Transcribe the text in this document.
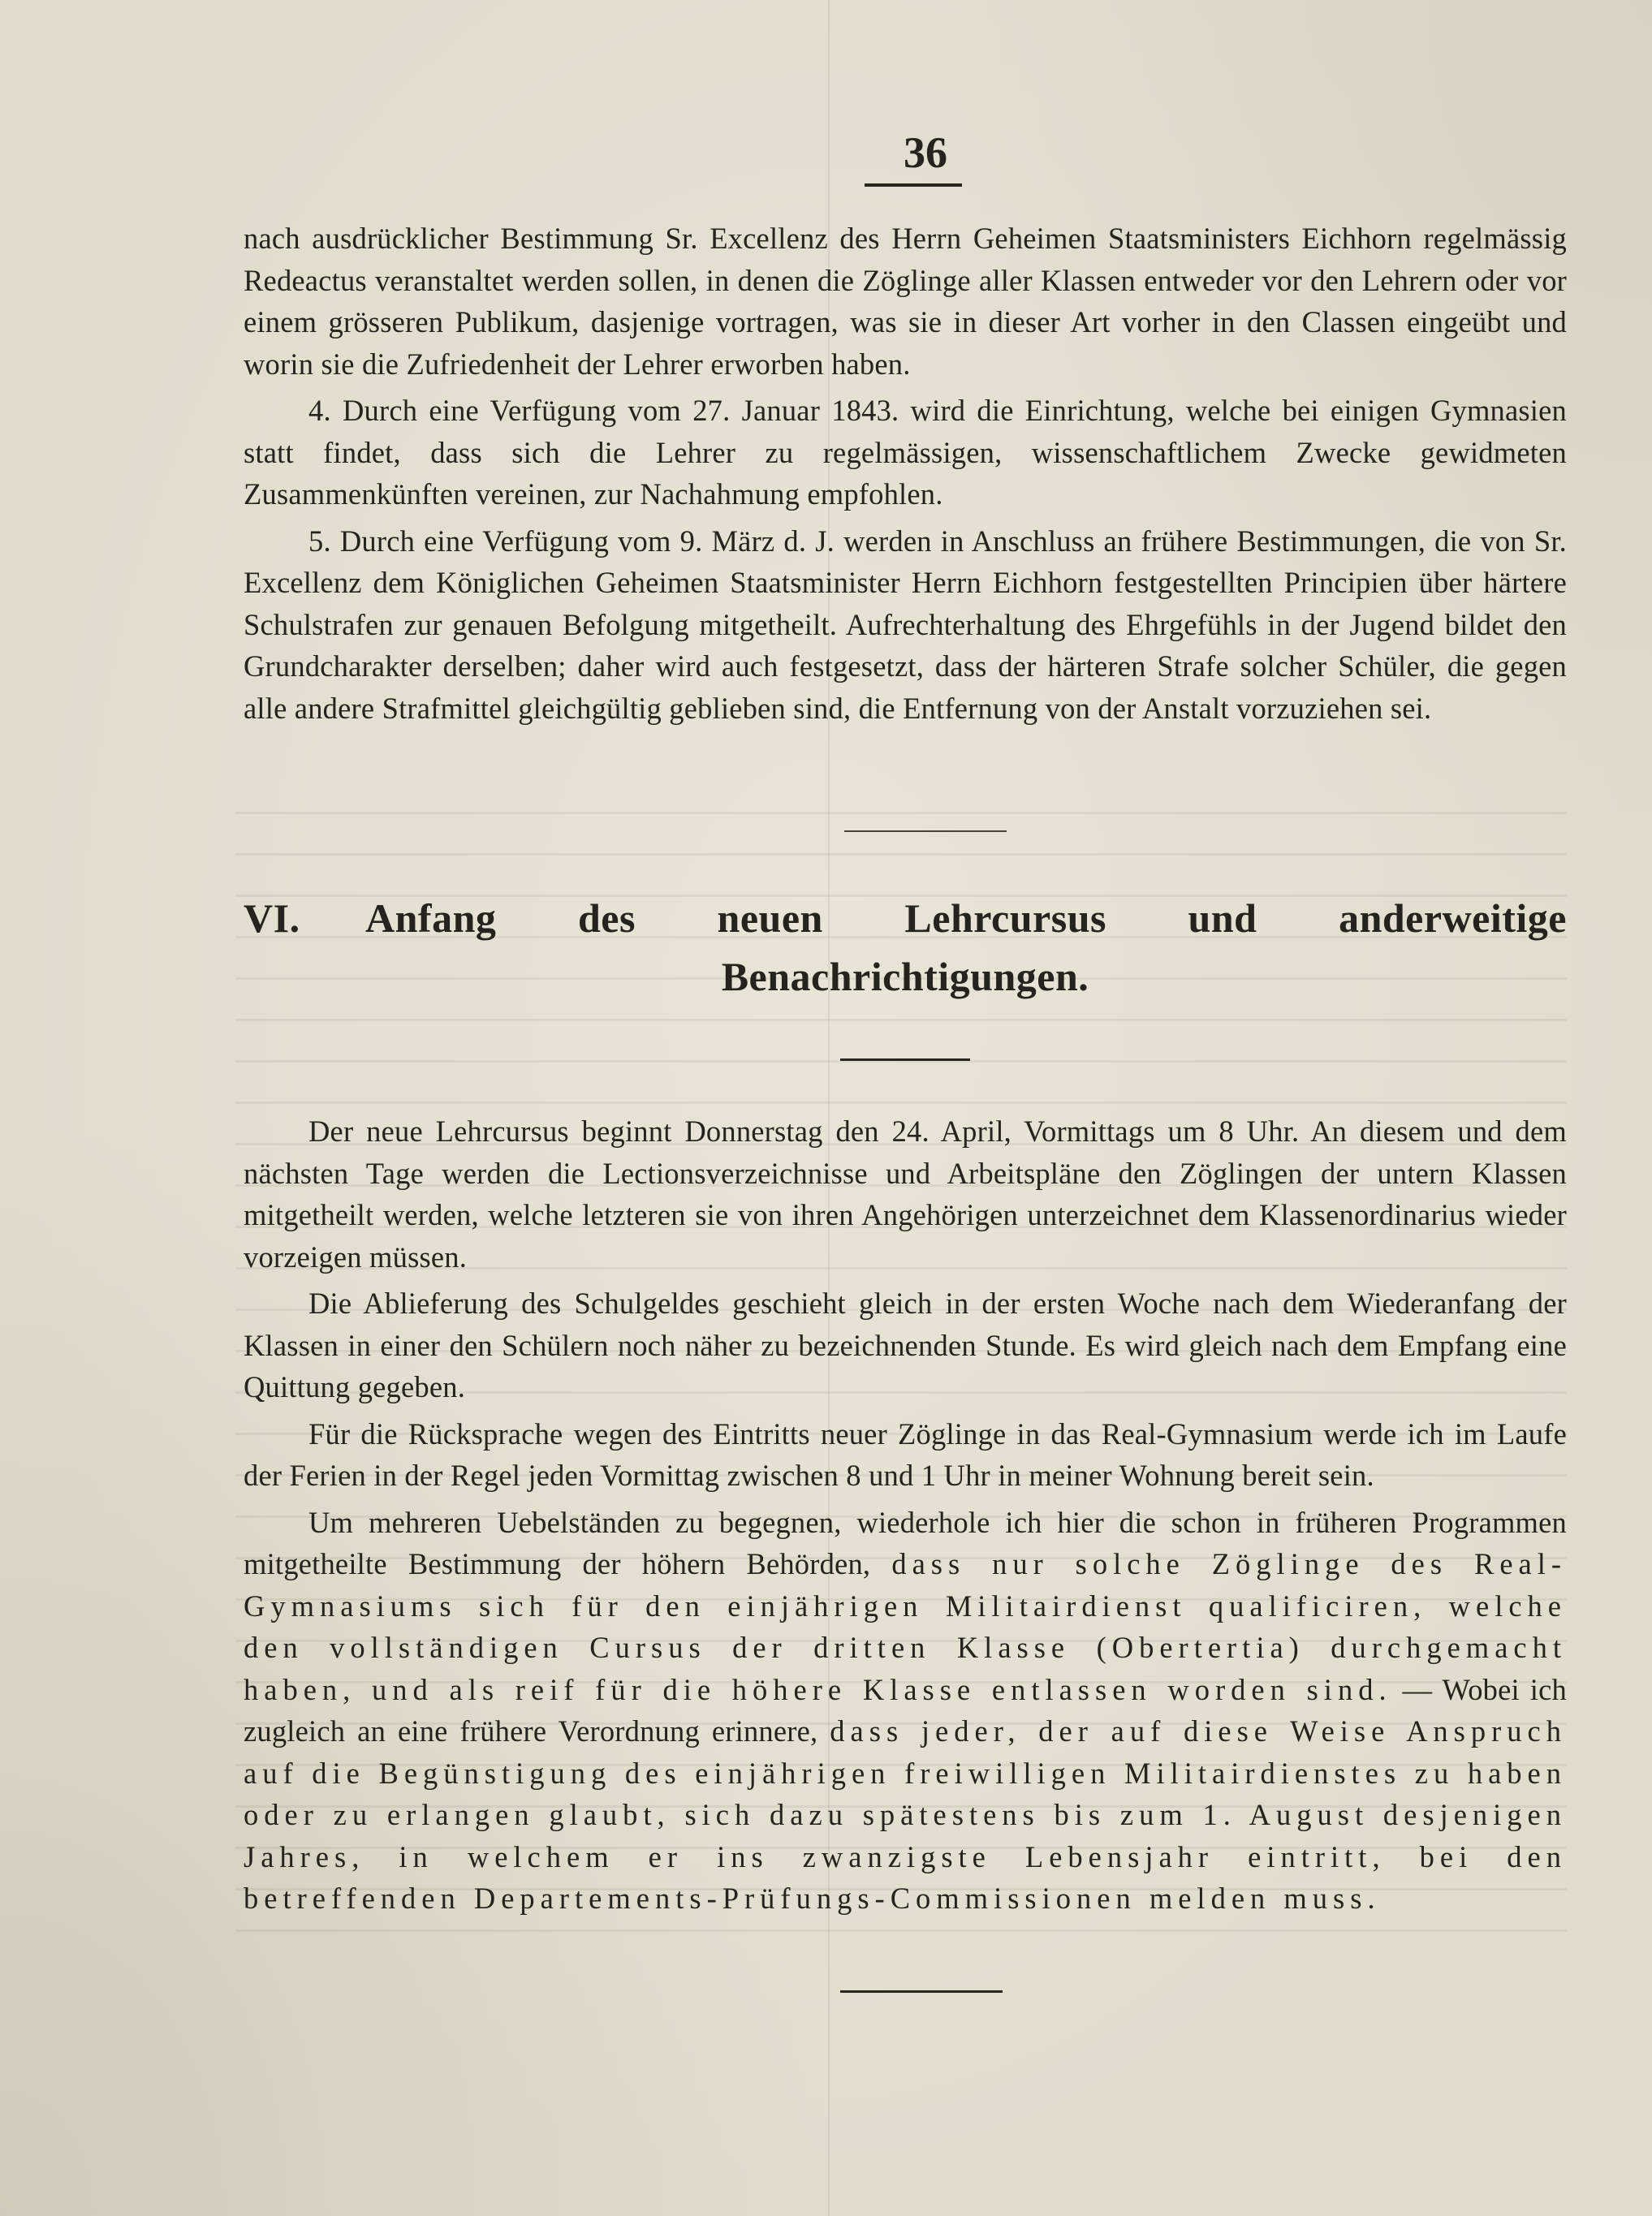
36

nach ausdrücklicher Bestimmung Sr. Excellenz des Herrn Geheimen Staatsministers Eichhorn regelmässig Redeactus veranstaltet werden sollen, in denen die Zöglinge aller Klassen entweder vor den Lehrern oder vor einem grösseren Publikum, dasjenige vortragen, was sie in dieser Art vorher in den Classen eingeübt und worin sie die Zufriedenheit der Lehrer erworben haben.

4. Durch eine Verfügung vom 27. Januar 1843. wird die Einrichtung, welche bei einigen Gymnasien statt findet, dass sich die Lehrer zu regelmässigen, wissenschaftlichem Zwecke gewidmeten Zusammenkünften vereinen, zur Nachahmung empfohlen.

5. Durch eine Verfügung vom 9. März d. J. werden in Anschluss an frühere Bestimmungen, die von Sr. Excellenz dem Königlichen Geheimen Staatsminister Herrn Eichhorn festgestellten Principien über härtere Schulstrafen zur genauen Befolgung mitgetheilt. Aufrechterhaltung des Ehrgefühls in der Jugend bildet den Grundcharakter derselben; daher wird auch festgesetzt, dass der härteren Strafe solcher Schüler, die gegen alle andere Strafmittel gleichgültig geblieben sind, die Entfernung von der Anstalt vorzuziehen sei.

VI. Anfang des neuen Lehrcursus und anderweitige
Benachrichtigungen.

Der neue Lehrcursus beginnt Donnerstag den 24. April, Vormittags um 8 Uhr. An diesem und dem nächsten Tage werden die Lectionsverzeichnisse und Arbeitspläne den Zöglingen der untern Klassen mitgetheilt werden, welche letzteren sie von ihren Angehörigen unterzeichnet dem Klassenordinarius wieder vorzeigen müssen.

Die Ablieferung des Schulgeldes geschieht gleich in der ersten Woche nach dem Wiederanfang der Klassen in einer den Schülern noch näher zu bezeichnenden Stunde. Es wird gleich nach dem Empfang eine Quittung gegeben.

Für die Rücksprache wegen des Eintritts neuer Zöglinge in das Real-Gymnasium werde ich im Laufe der Ferien in der Regel jeden Vormittag zwischen 8 und 1 Uhr in meiner Wohnung bereit sein.

Um mehreren Uebelständen zu begegnen, wiederhole ich hier die schon in früheren Programmen mitgetheilte Bestimmung der höhern Behörden, dass nur solche Zöglinge des Real-Gymnasiums sich für den einjährigen Militairdienst qualificiren, welche den vollständigen Cursus der dritten Klasse (Obertertia) durchgemacht haben, und als reif für die höhere Klasse entlassen worden sind. — Wobei ich zugleich an eine frühere Verordnung erinnere, dass jeder, der auf diese Weise Anspruch auf die Begünstigung des einjährigen freiwilligen Militairdienstes zu haben oder zu erlangen glaubt, sich dazu spätestens bis zum 1. August desjenigen Jahres, in welchem er ins zwanzigste Lebensjahr eintritt, bei den betreffenden Departements-Prüfungs-Commissionen melden muss.
